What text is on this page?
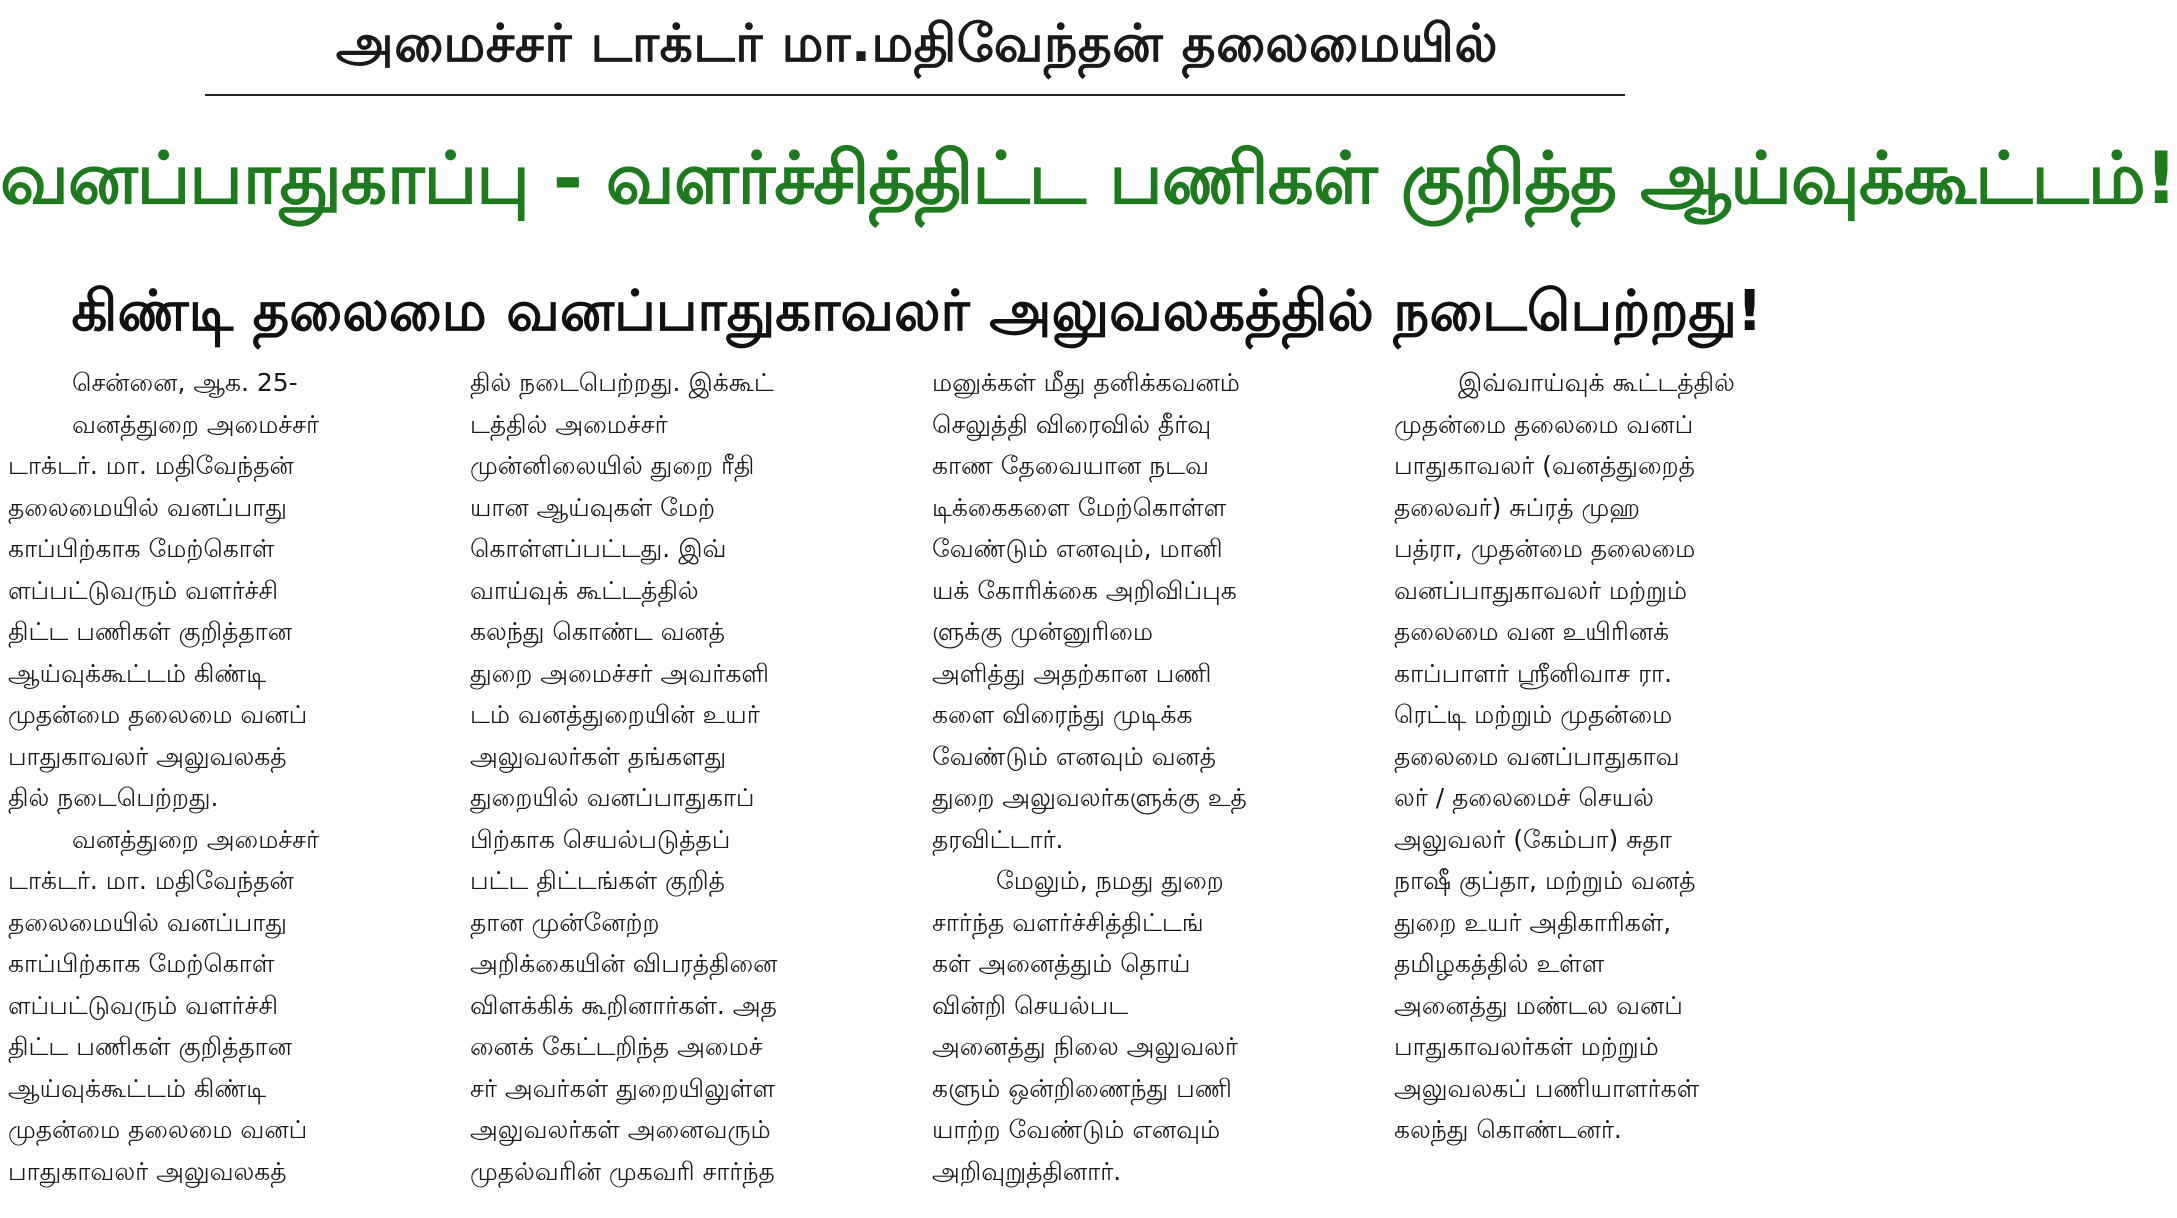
அமைச்சர் டாக்டர் மா.மதிவேந்தன் தலைமையில்
வனப்பாதுகாப்பு - வளர்ச்சித்திட்ட பணிகள் குறித்த ஆய்வுக்கூட்டம்!
கிண்டி தலைமை வனப்பாதுகாவலர் அலுவலகத்தில் நடைபெற்றது!
சென்னை, ஆக. 25-
வனத்துறை அமைச்சர்
டாக்டர். மா. மதிவேந்தன்
தலைமையில் வனப்பாது
காப்பிற்காக மேற்கொள்
ளப்பட்டுவரும் வளர்ச்சி
திட்ட பணிகள் குறித்தான
ஆய்வுக்கூட்டம் கிண்டி
முதன்மை தலைமை வனப்
பாதுகாவலர் அலுவலகத்
தில் நடைபெற்றது.
வனத்துறை அமைச்சர்
டாக்டர். மா. மதிவேந்தன்
தலைமையில் வனப்பாது
காப்பிற்காக மேற்கொள்
ளப்பட்டுவரும் வளர்ச்சி
திட்ட பணிகள் குறித்தான
ஆய்வுக்கூட்டம் கிண்டி
முதன்மை தலைமை வனப்
பாதுகாவலர் அலுவலகத்
தில் நடைபெற்றது. இக்கூட்
டத்தில் அமைச்சர்
முன்னிலையில் துறை ரீதி
யான ஆய்வுகள் மேற்
கொள்ளப்பட்டது. இவ்
வாய்வுக் கூட்டத்தில்
கலந்து கொண்ட வனத்
துறை அமைச்சர் அவர்களி
டம் வனத்துறையின் உயர்
அலுவலர்கள் தங்களது
துறையில் வனப்பாதுகாப்
பிற்காக செயல்படுத்தப்
பட்ட திட்டங்கள் குறித்
தான முன்னேற்ற
அறிக்கையின் விபரத்தினை
விளக்கிக் கூறினார்கள். அத
னைக் கேட்டறிந்த அமைச்
சர் அவர்கள் துறையிலுள்ள
அலுவலர்கள் அனைவரும்
முதல்வரின் முகவரி சார்ந்த
மனுக்கள் மீது தனிக்கவனம்
செலுத்தி விரைவில் தீர்வு
காண தேவையான நடவ
டிக்கைகளை மேற்கொள்ள
வேண்டும் எனவும், மானி
யக் கோரிக்கை அறிவிப்புக
ளுக்கு முன்னுரிமை
அளித்து அதற்கான பணி
களை விரைந்து முடிக்க
வேண்டும் எனவும் வனத்
துறை அலுவலர்களுக்கு உத்
தரவிட்டார்.
மேலும், நமது துறை
சார்ந்த வளர்ச்சித்திட்டங்
கள் அனைத்தும் தொய்
வின்றி செயல்பட
அனைத்து நிலை அலுவலர்
களும் ஒன்றிணைந்து பணி
யாற்ற வேண்டும் எனவும்
அறிவுறுத்தினார்.
இவ்வாய்வுக் கூட்டத்தில்
முதன்மை தலைமை வனப்
பாதுகாவலர் (வனத்துறைத்
தலைவர்) சுப்ரத் முஹ
பத்ரா, முதன்மை தலைமை
வனப்பாதுகாவலர் மற்றும்
தலைமை வன உயிரினக்
காப்பாளர் ஸ்ரீனிவாச ரா.
ரெட்டி மற்றும் முதன்மை
தலைமை வனப்பாதுகாவ
லர் / தலைமைச் செயல்
அலுவலர் (கேம்பா) சுதா
நாஷீ குப்தா, மற்றும் வனத்
துறை உயர் அதிகாரிகள்,
தமிழகத்தில் உள்ள
அனைத்து மண்டல வனப்
பாதுகாவலர்கள் மற்றும்
அலுவலகப் பணியாளர்கள்
கலந்து கொண்டனர்.
